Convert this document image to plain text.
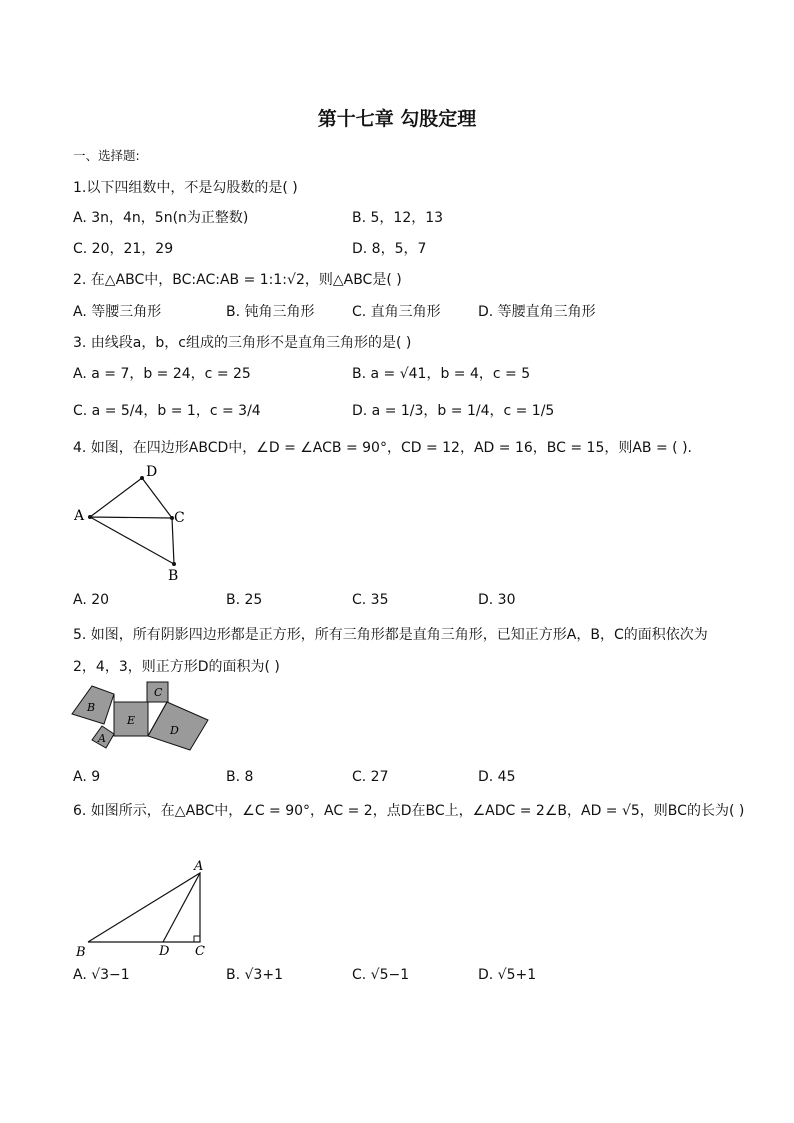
第十七章 勾股定理
一、选择题:
1.以下四组数中，不是勾股数的是( )
A. 3n，4n，5n(n为正整数)	B. 5，12，13
C. 20，21，29	D. 8，5，7
2. 在△ABC中，BC:AC:AB = 1:1:√2，则△ABC是( )
A. 等腰三角形	B. 钝角三角形	C. 直角三角形	D. 等腰直角三角形
3. 由线段a，b，c组成的三角形不是直角三角形的是( )
A. a = 7，b = 24，c = 25	B. a = √41，b = 4，c = 5
C. a = 5/4，b = 1，c = 3/4	D. a = 1/3，b = 1/4，c = 1/5
4. 如图，在四边形ABCD中，∠D = ∠ACB = 90°，CD = 12，AD = 16，BC = 15，则AB = ( ).
A
D
C
B
A. 20	B. 25	C. 35	D. 30
5. 如图，所有阴影四边形都是正方形，所有三角形都是直角三角形，已知正方形A，B，C的面积依次为
2，4，3，则正方形D的面积为( )
B
A
E
C
D
A. 9	B. 8	C. 27	D. 45
6. 如图所示，在△ABC中，∠C = 90°，AC = 2，点D在BC上，∠ADC = 2∠B，AD = √5，则BC的长为( )
A
B	D C
A. √3−1	B. √3+1	C. √5−1	D. √5+1
